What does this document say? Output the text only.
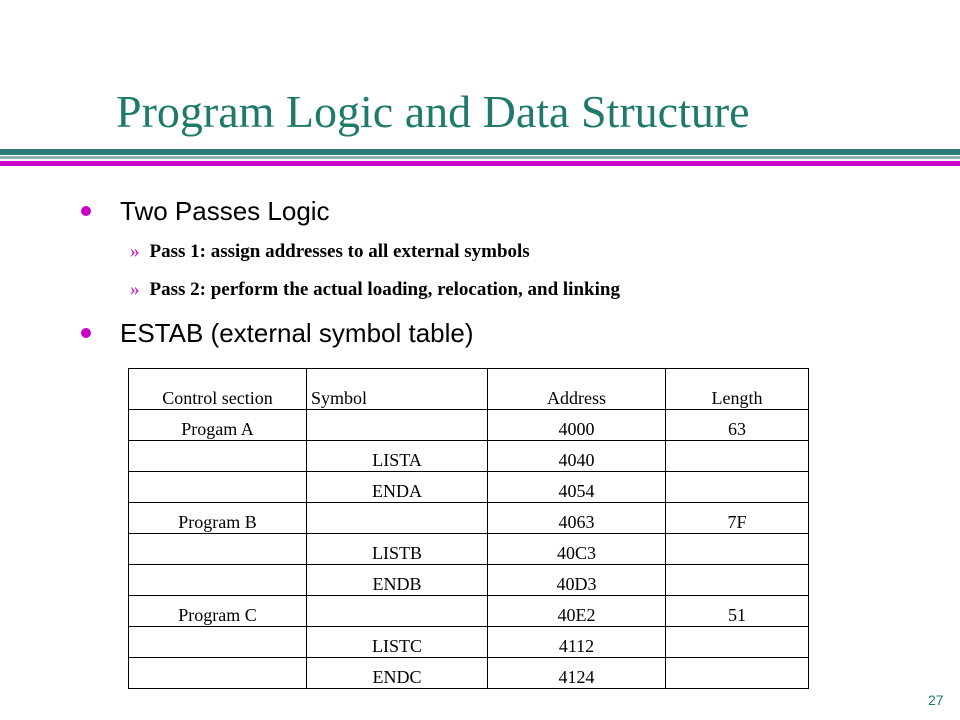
Program Logic and Data Structure
Two Passes Logic
» Pass 1: assign addresses to all external symbols
» Pass 2: perform the actual loading, relocation, and linking
ESTAB (external symbol table)
Control section	Symbol	Address	Length
Progam A		4000	63
	LISTA	4040	
	ENDA	4054	
Program B		4063	7F
	LISTB	40C3	
	ENDB	40D3	
Program C		40E2	51
	LISTC	4112	
	ENDC	4124	
27
